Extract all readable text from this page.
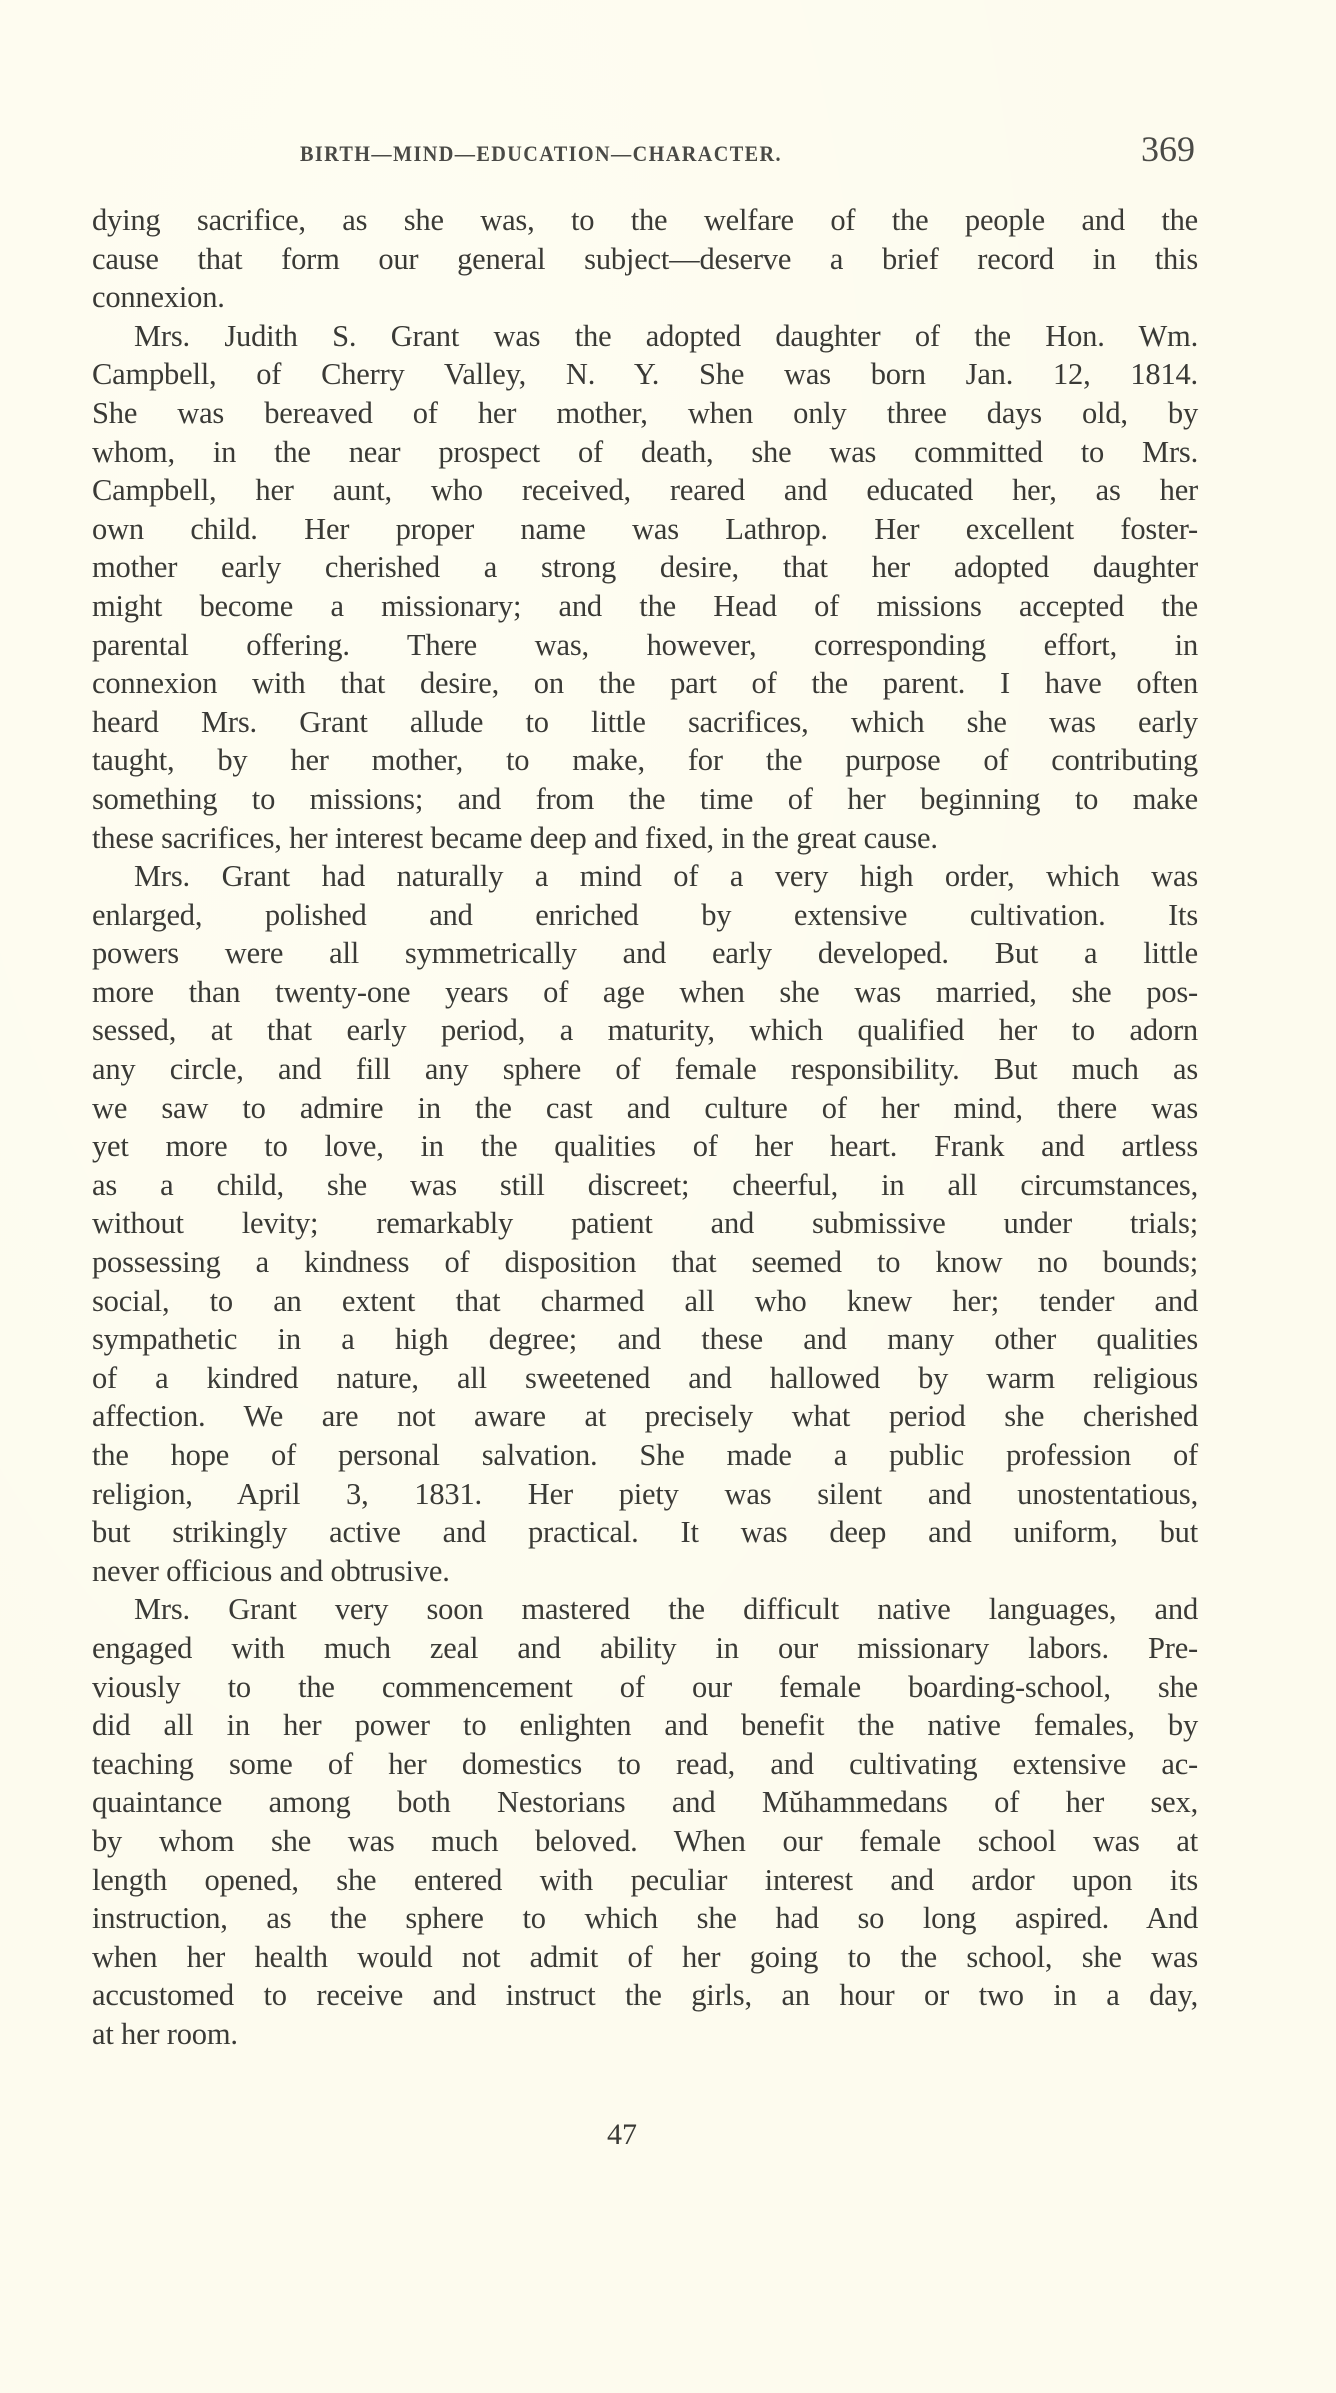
BIRTH—MIND—EDUCATION—CHARACTER.	369
dying sacrifice, as she was, to the welfare of the people and the
cause that form our general subject—deserve a brief record in this
connexion.
Mrs. Judith S. Grant was the adopted daughter of the Hon. Wm.
Campbell, of Cherry Valley, N. Y. She was born Jan. 12, 1814.
She was bereaved of her mother, when only three days old, by
whom, in the near prospect of death, she was committed to Mrs.
Campbell, her aunt, who received, reared and educated her, as her
own child. Her proper name was Lathrop. Her excellent foster-
mother early cherished a strong desire, that her adopted daughter
might become a missionary; and the Head of missions accepted the
parental offering. There was, however, corresponding effort, in
connexion with that desire, on the part of the parent. I have often
heard Mrs. Grant allude to little sacrifices, which she was early
taught, by her mother, to make, for the purpose of contributing
something to missions; and from the time of her beginning to make
these sacrifices, her interest became deep and fixed, in the great cause.
Mrs. Grant had naturally a mind of a very high order, which was
enlarged, polished and enriched by extensive cultivation. Its
powers were all symmetrically and early developed. But a little
more than twenty-one years of age when she was married, she pos-
sessed, at that early period, a maturity, which qualified her to adorn
any circle, and fill any sphere of female responsibility. But much as
we saw to admire in the cast and culture of her mind, there was
yet more to love, in the qualities of her heart. Frank and artless
as a child, she was still discreet; cheerful, in all circumstances,
without levity; remarkably patient and submissive under trials;
possessing a kindness of disposition that seemed to know no bounds;
social, to an extent that charmed all who knew her; tender and
sympathetic in a high degree; and these and many other qualities
of a kindred nature, all sweetened and hallowed by warm religious
affection. We are not aware at precisely what period she cherished
the hope of personal salvation. She made a public profession of
religion, April 3, 1831. Her piety was silent and unostentatious,
but strikingly active and practical. It was deep and uniform, but
never officious and obtrusive.
Mrs. Grant very soon mastered the difficult native languages, and
engaged with much zeal and ability in our missionary labors. Pre-
viously to the commencement of our female boarding-school, she
did all in her power to enlighten and benefit the native females, by
teaching some of her domestics to read, and cultivating extensive ac-
quaintance among both Nestorians and Mŭhammedans of her sex,
by whom she was much beloved. When our female school was at
length opened, she entered with peculiar interest and ardor upon its
instruction, as the sphere to which she had so long aspired. And
when her health would not admit of her going to the school, she was
accustomed to receive and instruct the girls, an hour or two in a day,
at her room.
47
